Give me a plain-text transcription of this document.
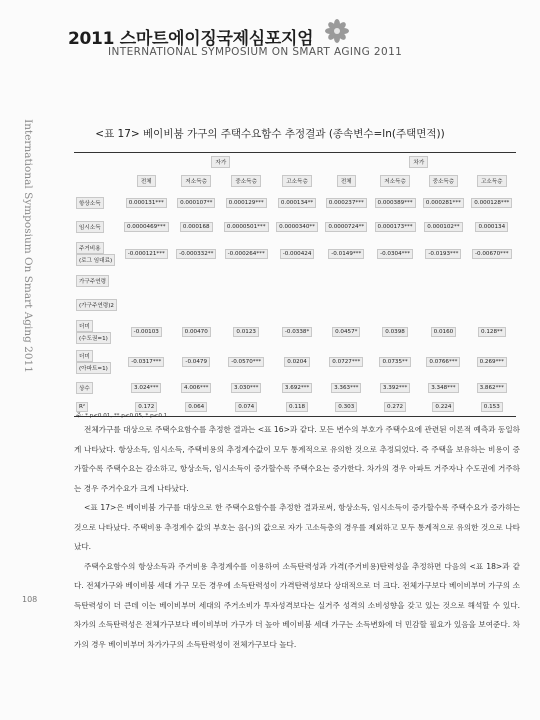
2011 스마트에이징국제심포지엄
INTERNATIONAL SYMPOSIUM ON SMART AGING 2011
International Symposium On Smart Aging 2011
108
<표 17> 베이비붐 가구의 주택수요함수 추정결과 (종속변수=ln(주택면적))
	자가				차가			
	전체	저소득층	중소득층	고소득층	전체	저소득층	중소득층	고소득층
항상소득	0.000131***	0.000107**	0.000129***	0.000134**	0.000237***	0.000389***	0.000281***	0.000128***
임시소득	0.0000469***	0.000168	0.0000501***	0.0000340**	0.0000724**	0.000173***	0.000102**	0.000134
주거비용
(로그 임대료)	-0.000121***	-0.000332**	-0.000264***	-0.000424	-0.0149***	-0.0304***	-0.0193***	-0.00670***
가구주연령								
(가구주연령)2								
더미
(수도권=1)	-0.00103	0.00470	0.0123	-0.0338*	0.0457*	0.0398	0.0160	0.128**
더미
(아파트=1)	-0.0317***	-0.0479	-0.0570***	0.0204	0.0727***	0.0735**	0.0766***	0.269***
상수	3.024***	4.006***	3.030***	3.692***	3.363***	3.392***	3.348***	3.862***
R²	0.172	0.064	0.074	0.118	0.303	0.272	0.224	0.153
주: * p<0.01, ** p<0.05, * p<0.1

전체가구를 대상으로 주택수요함수를 추정한 결과는 <표 16>과 같다. 모든 변수의 부호가 주택수요에 관련된 이론적 예측과 동일하게 나타났다. 항상소득, 임시소득, 주택비용의 추정계수값이 모두 통계적으로 유의한 것으로 추정되었다. 즉 주택을 보유하는 비용이 증가할수록 주택수요는 감소하고, 항상소득, 임시소득이 증가할수록 주택수요는 증가한다. 차가의 경우 아파트 거주자나 수도권에 거주하는 경우 주거수요가 크게 나타났다.

<표 17>은 베이비붐 가구를 대상으로 한 주택수요함수를 추정한 결과로써, 항상소득, 임시소득이 증가할수록 주택수요가 증가하는 것으로 나타났다. 주택비용 추정계수 값의 부호는 음(-)의 값으로 자가 고소득층의 경우를 제외하고 모두 통계적으로 유의한 것으로 나타났다.

주택수요함수의 항상소득과 주거비용 추정계수를 이용하여 소득탄력성과 가격(주거비용)탄력성을 추정하면 다음의 <표 18>과 같다. 전체가구와 베이비붐 세대 가구 모든 경우에 소득탄력성이 가격탄력성보다 상대적으로 더 크다. 전체가구보다 베이비부머 가구의 소득탄력성이 더 큰데 이는 베이비부머 세대의 주거소비가 투자성격보다는 실거주 성격의 소비성향을 갖고 있는 것으로 해석할 수 있다. 차가의 소득탄력성은 전체가구보다 베이비부머 가구가 더 높아 베이비붐 세대 가구는 소득변화에 더 민감할 필요가 있음을 보여준다. 차가의 경우 베이비부머 차가가구의 소득탄력성이 전체가구보다 높다.
